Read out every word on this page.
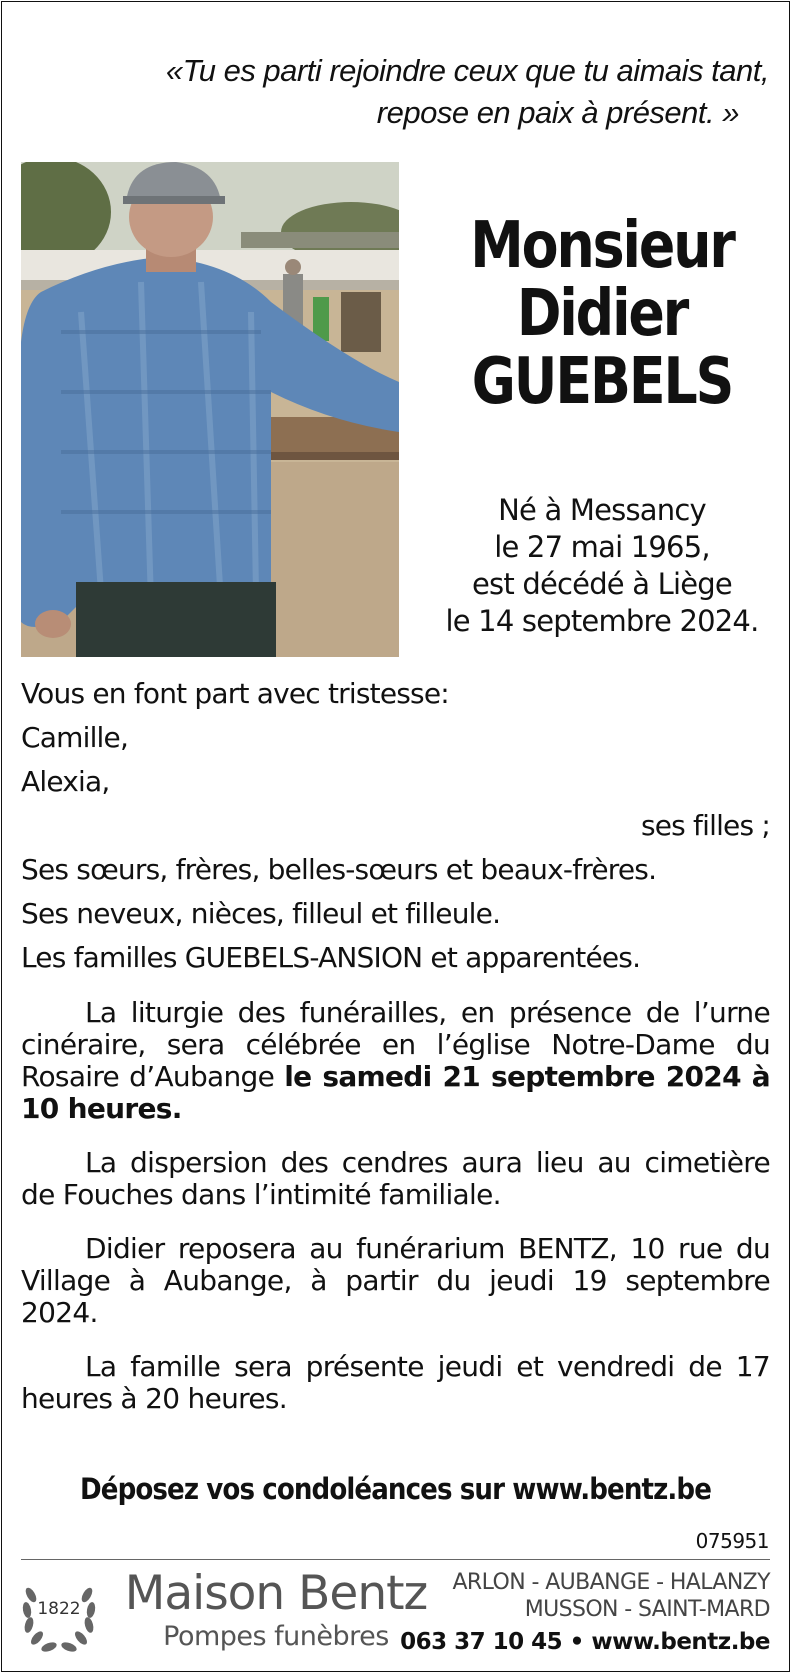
«Tu es parti rejoindre ceux que tu aimais tant,

repose en paix à présent. »
Monsieur
Didier
GUEBELS
Né à Messancy
le 27 mai 1965,
est décédé à Liège
le 14 septembre 2024.
Vous en font part avec tristesse:
Camille,
Alexia,
ses filles ;
Ses sœurs, frères, belles-sœurs et beaux-frères.
Ses neveux, nièces, filleul et filleule.
Les familles GUEBELS-ANSION et apparentées.

La liturgie des funérailles, en présence de l’urne cinéraire, sera célébrée en l’église Notre-Dame du Rosaire d’Aubange le samedi 21 septembre 2024 à 10 heures.

La dispersion des cendres aura lieu au cimetière de Fouches dans l’intimité familiale.

Didier reposera au funérarium BENTZ, 10 rue du Village à Aubange, à partir du jeudi 19 septembre 2024.

La famille sera présente jeudi et vendredi de 17 heures à 20 heures.

Déposez vos condoléances sur www.bentz.be
075951
1822 Maison Bentz
Pompes funèbres
ARLON - AUBANGE - HALANZY
MUSSON - SAINT-MARD
063 37 10 45 • www.bentz.be
